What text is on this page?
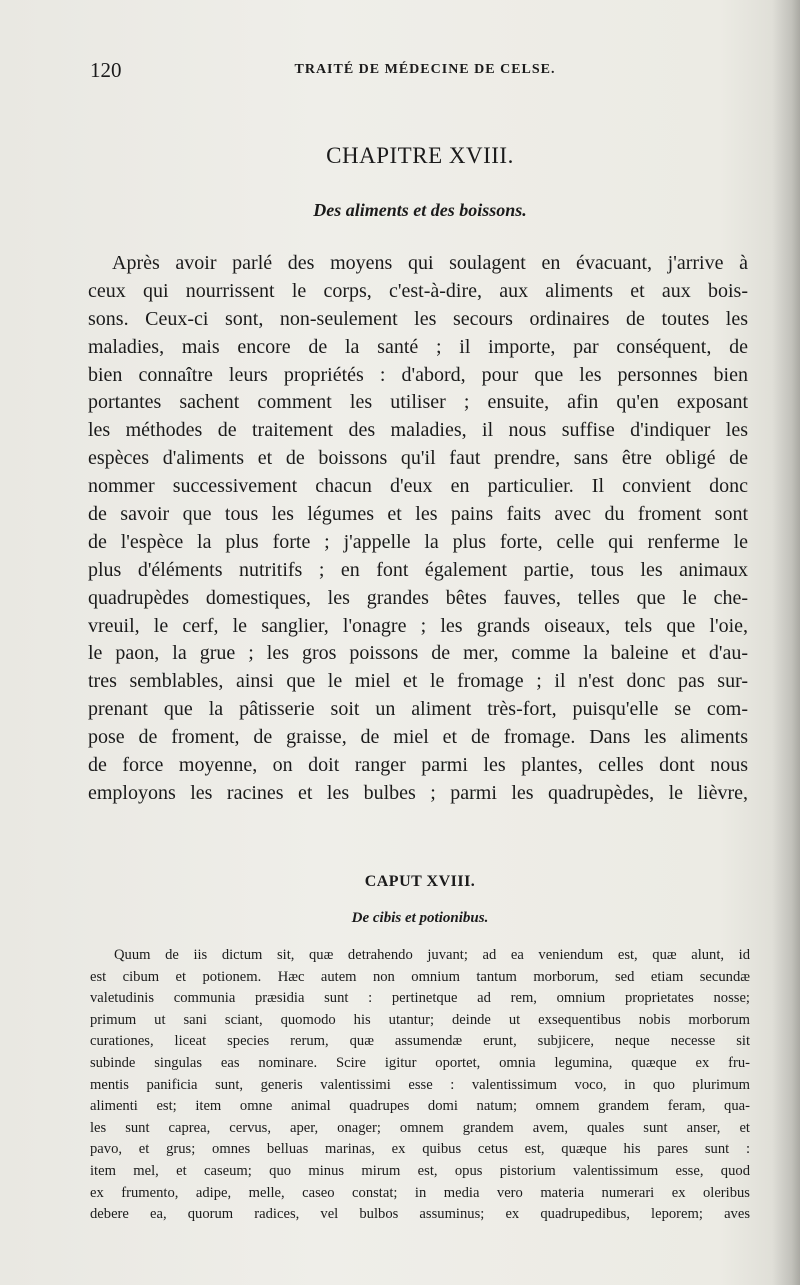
120	TRAITÉ DE MÉDECINE DE CELSE.
CHAPITRE XVIII.
Des aliments et des boissons.
Après avoir parlé des moyens qui soulagent en évacuant, j'arrive à
ceux qui nourrissent le corps, c'est-à-dire, aux aliments et aux bois-
sons. Ceux-ci sont, non-seulement les secours ordinaires de toutes les
maladies, mais encore de la santé ; il importe, par conséquent, de
bien connaître leurs propriétés : d'abord, pour que les personnes bien
portantes sachent comment les utiliser ; ensuite, afin qu'en exposant
les méthodes de traitement des maladies, il nous suffise d'indiquer les
espèces d'aliments et de boissons qu'il faut prendre, sans être obligé de
nommer successivement chacun d'eux en particulier. Il convient donc
de savoir que tous les légumes et les pains faits avec du froment sont
de l'espèce la plus forte ; j'appelle la plus forte, celle qui renferme le
plus d'éléments nutritifs ; en font également partie, tous les animaux
quadrupèdes domestiques, les grandes bêtes fauves, telles que le che-
vreuil, le cerf, le sanglier, l'onagre ; les grands oiseaux, tels que l'oie,
le paon, la grue ; les gros poissons de mer, comme la baleine et d'au-
tres semblables, ainsi que le miel et le fromage ; il n'est donc pas sur-
prenant que la pâtisserie soit un aliment très-fort, puisqu'elle se com-
pose de froment, de graisse, de miel et de fromage. Dans les aliments
de force moyenne, on doit ranger parmi les plantes, celles dont nous
employons les racines et les bulbes ; parmi les quadrupèdes, le lièvre,
CAPUT XVIII.
De cibis et potionibus.
Quum de iis dictum sit, quæ detrahendo juvant; ad ea veniendum est, quæ alunt, id
est cibum et potionem. Hæc autem non omnium tantum morborum, sed etiam secundæ
valetudinis communia præsidia sunt : pertinetque ad rem, omnium proprietates nosse;
primum ut sani sciant, quomodo his utantur; deinde ut exsequentibus nobis morborum
curationes, liceat species rerum, quæ assumendæ erunt, subjicere, neque necesse sit
subinde singulas eas nominare. Scire igitur oportet, omnia legumina, quæque ex fru-
mentis panificia sunt, generis valentissimi esse : valentissimum voco, in quo plurimum
alimenti est; item omne animal quadrupes domi natum; omnem grandem feram, qua-
les sunt caprea, cervus, aper, onager; omnem grandem avem, quales sunt anser, et
pavo, et grus; omnes belluas marinas, ex quibus cetus est, quæque his pares sunt :
item mel, et caseum; quo minus mirum est, opus pistorium valentissimum esse, quod
ex frumento, adipe, melle, caseo constat; in media vero materia numerari ex oleribus
debere ea, quorum radices, vel bulbos assuminus; ex quadrupedibus, leporem; aves
